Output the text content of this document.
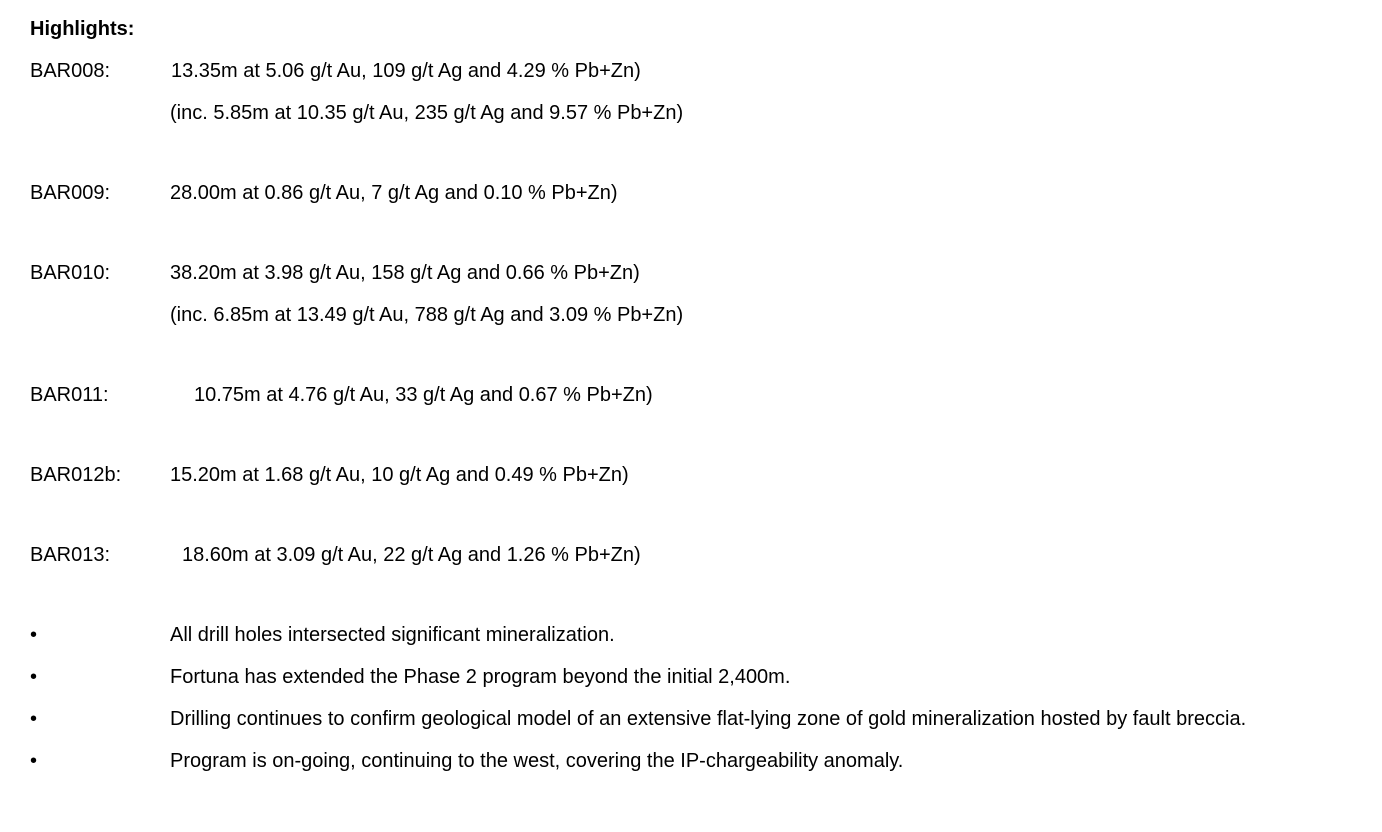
Highlights:
BAR008:	13.35m at 5.06 g/t Au, 109 g/t Ag and 4.29 % Pb+Zn)
(inc. 5.85m at 10.35 g/t Au, 235 g/t Ag and 9.57 % Pb+Zn)
BAR009:	28.00m at 0.86 g/t Au, 7 g/t Ag and 0.10 % Pb+Zn)
BAR010:	38.20m at 3.98 g/t Au, 158 g/t Ag and 0.66 % Pb+Zn)
(inc. 6.85m at 13.49 g/t Au, 788 g/t Ag and 3.09 % Pb+Zn)
BAR011:	10.75m at 4.76 g/t Au, 33 g/t Ag and 0.67 % Pb+Zn)
BAR012b: 15.20m at 1.68 g/t Au, 10 g/t Ag and 0.49 % Pb+Zn)
BAR013:	18.60m at 3.09 g/t Au, 22 g/t Ag and 1.26 % Pb+Zn)
•	All drill holes intersected significant mineralization.
•	Fortuna has extended the Phase 2 program beyond the initial 2,400m.
•	Drilling continues to confirm geological model of an extensive flat-lying zone of gold mineralization hosted by fault breccia.
•	Program is on-going, continuing to the west, covering the IP-chargeability anomaly.
